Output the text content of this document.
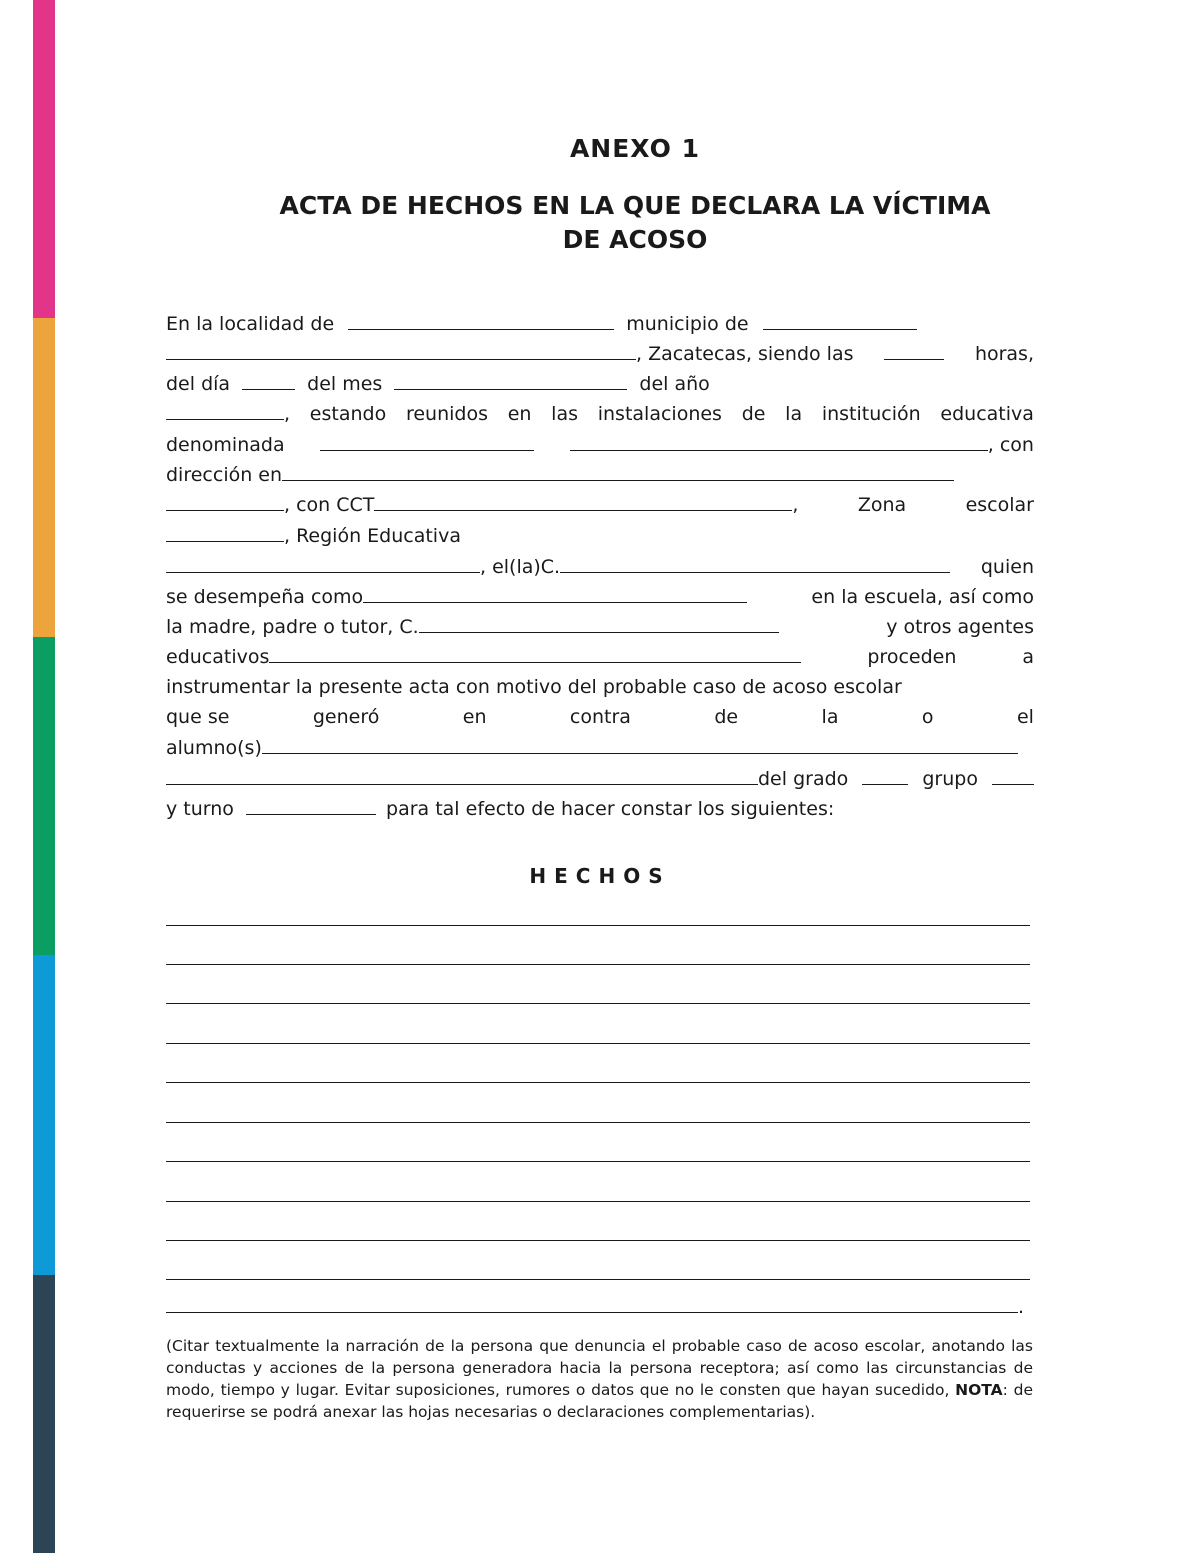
ANEXO 1
ACTA DE HECHOS EN LA QUE DECLARA LA VÍCTIMA
DE ACOSO
En la localidad de	municipio de
, Zacatecas, siendo las	horas,
del día	del mes	del año
, estando reunidos en las instalaciones de la institución educativa
denominada	, con
dirección en
, con CCT	,	Zona	escolar
, Región Educativa
, el(la)C.	quien
se desempeña como	en la escuela, así como
la madre, padre o tutor, C.	y otros agentes
educativos	proceden	a
instrumentar la presente acta con motivo del probable caso de acoso escolar
que se	generó	en	contra	de	la	o	el
alumno(s)
del grado	grupo
y turno	para tal efecto de hacer constar los siguientes:
HECHOS
.
(Citar textualmente la narración de la persona que denuncia el probable caso de acoso escolar, anotando las conductas y acciones de la persona generadora hacia la persona receptora; así como las circunstancias de modo, tiempo y lugar. Evitar suposiciones, rumores o datos que no le consten que hayan sucedido, NOTA: de requerirse se podrá anexar las hojas necesarias o declaraciones complementarias).
